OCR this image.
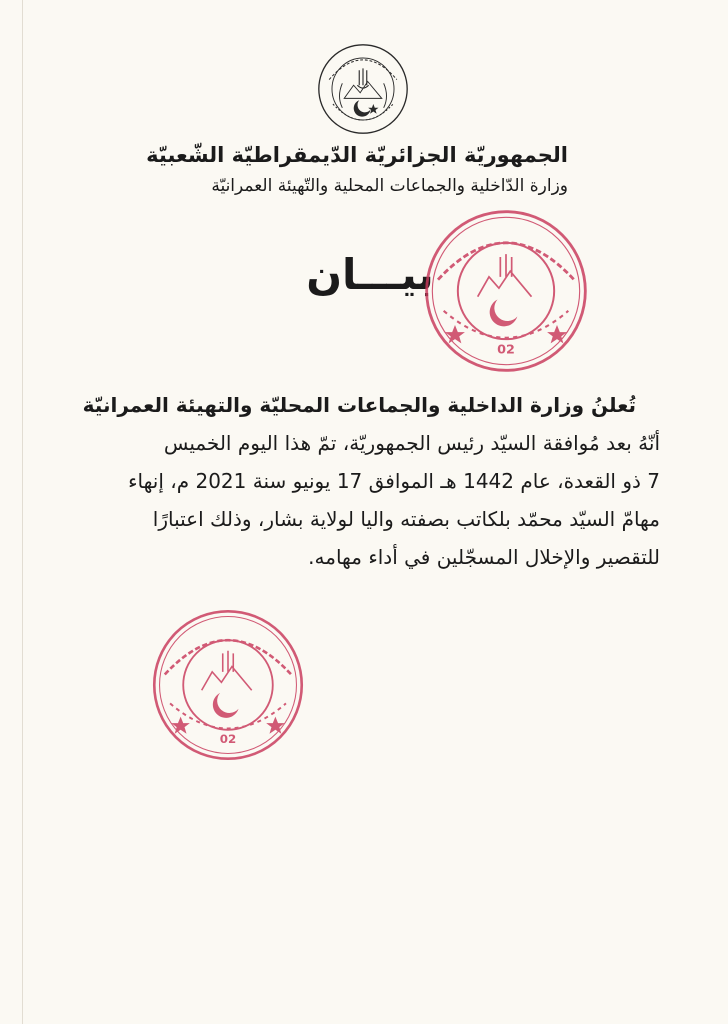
الجمهوريّة الجزائريّة الدّيمقراطيّة الشّعبيّة
وزارة الدّاخلية والجماعات المحلية والتّهيئة العمرانيّة
بيـــان
02

تُعلنُ وزارة الداخلية والجماعات المحليّة والتهيئة العمرانيّة

أنّهُ بعد مُوافقة السيّد رئيس الجمهوريّة، تمّ هذا اليوم الخميس

7 ذو القعدة، عام 1442 هـ الموافق 17 يونيو سنة 2021 م، إنهاء

مهامّ السيّد محمّد بلكاتب بصفته واليا لولاية بشار، وذلك اعتبارًا

للتقصير والإخلال المسجّلين في أداء مهامه.

02
